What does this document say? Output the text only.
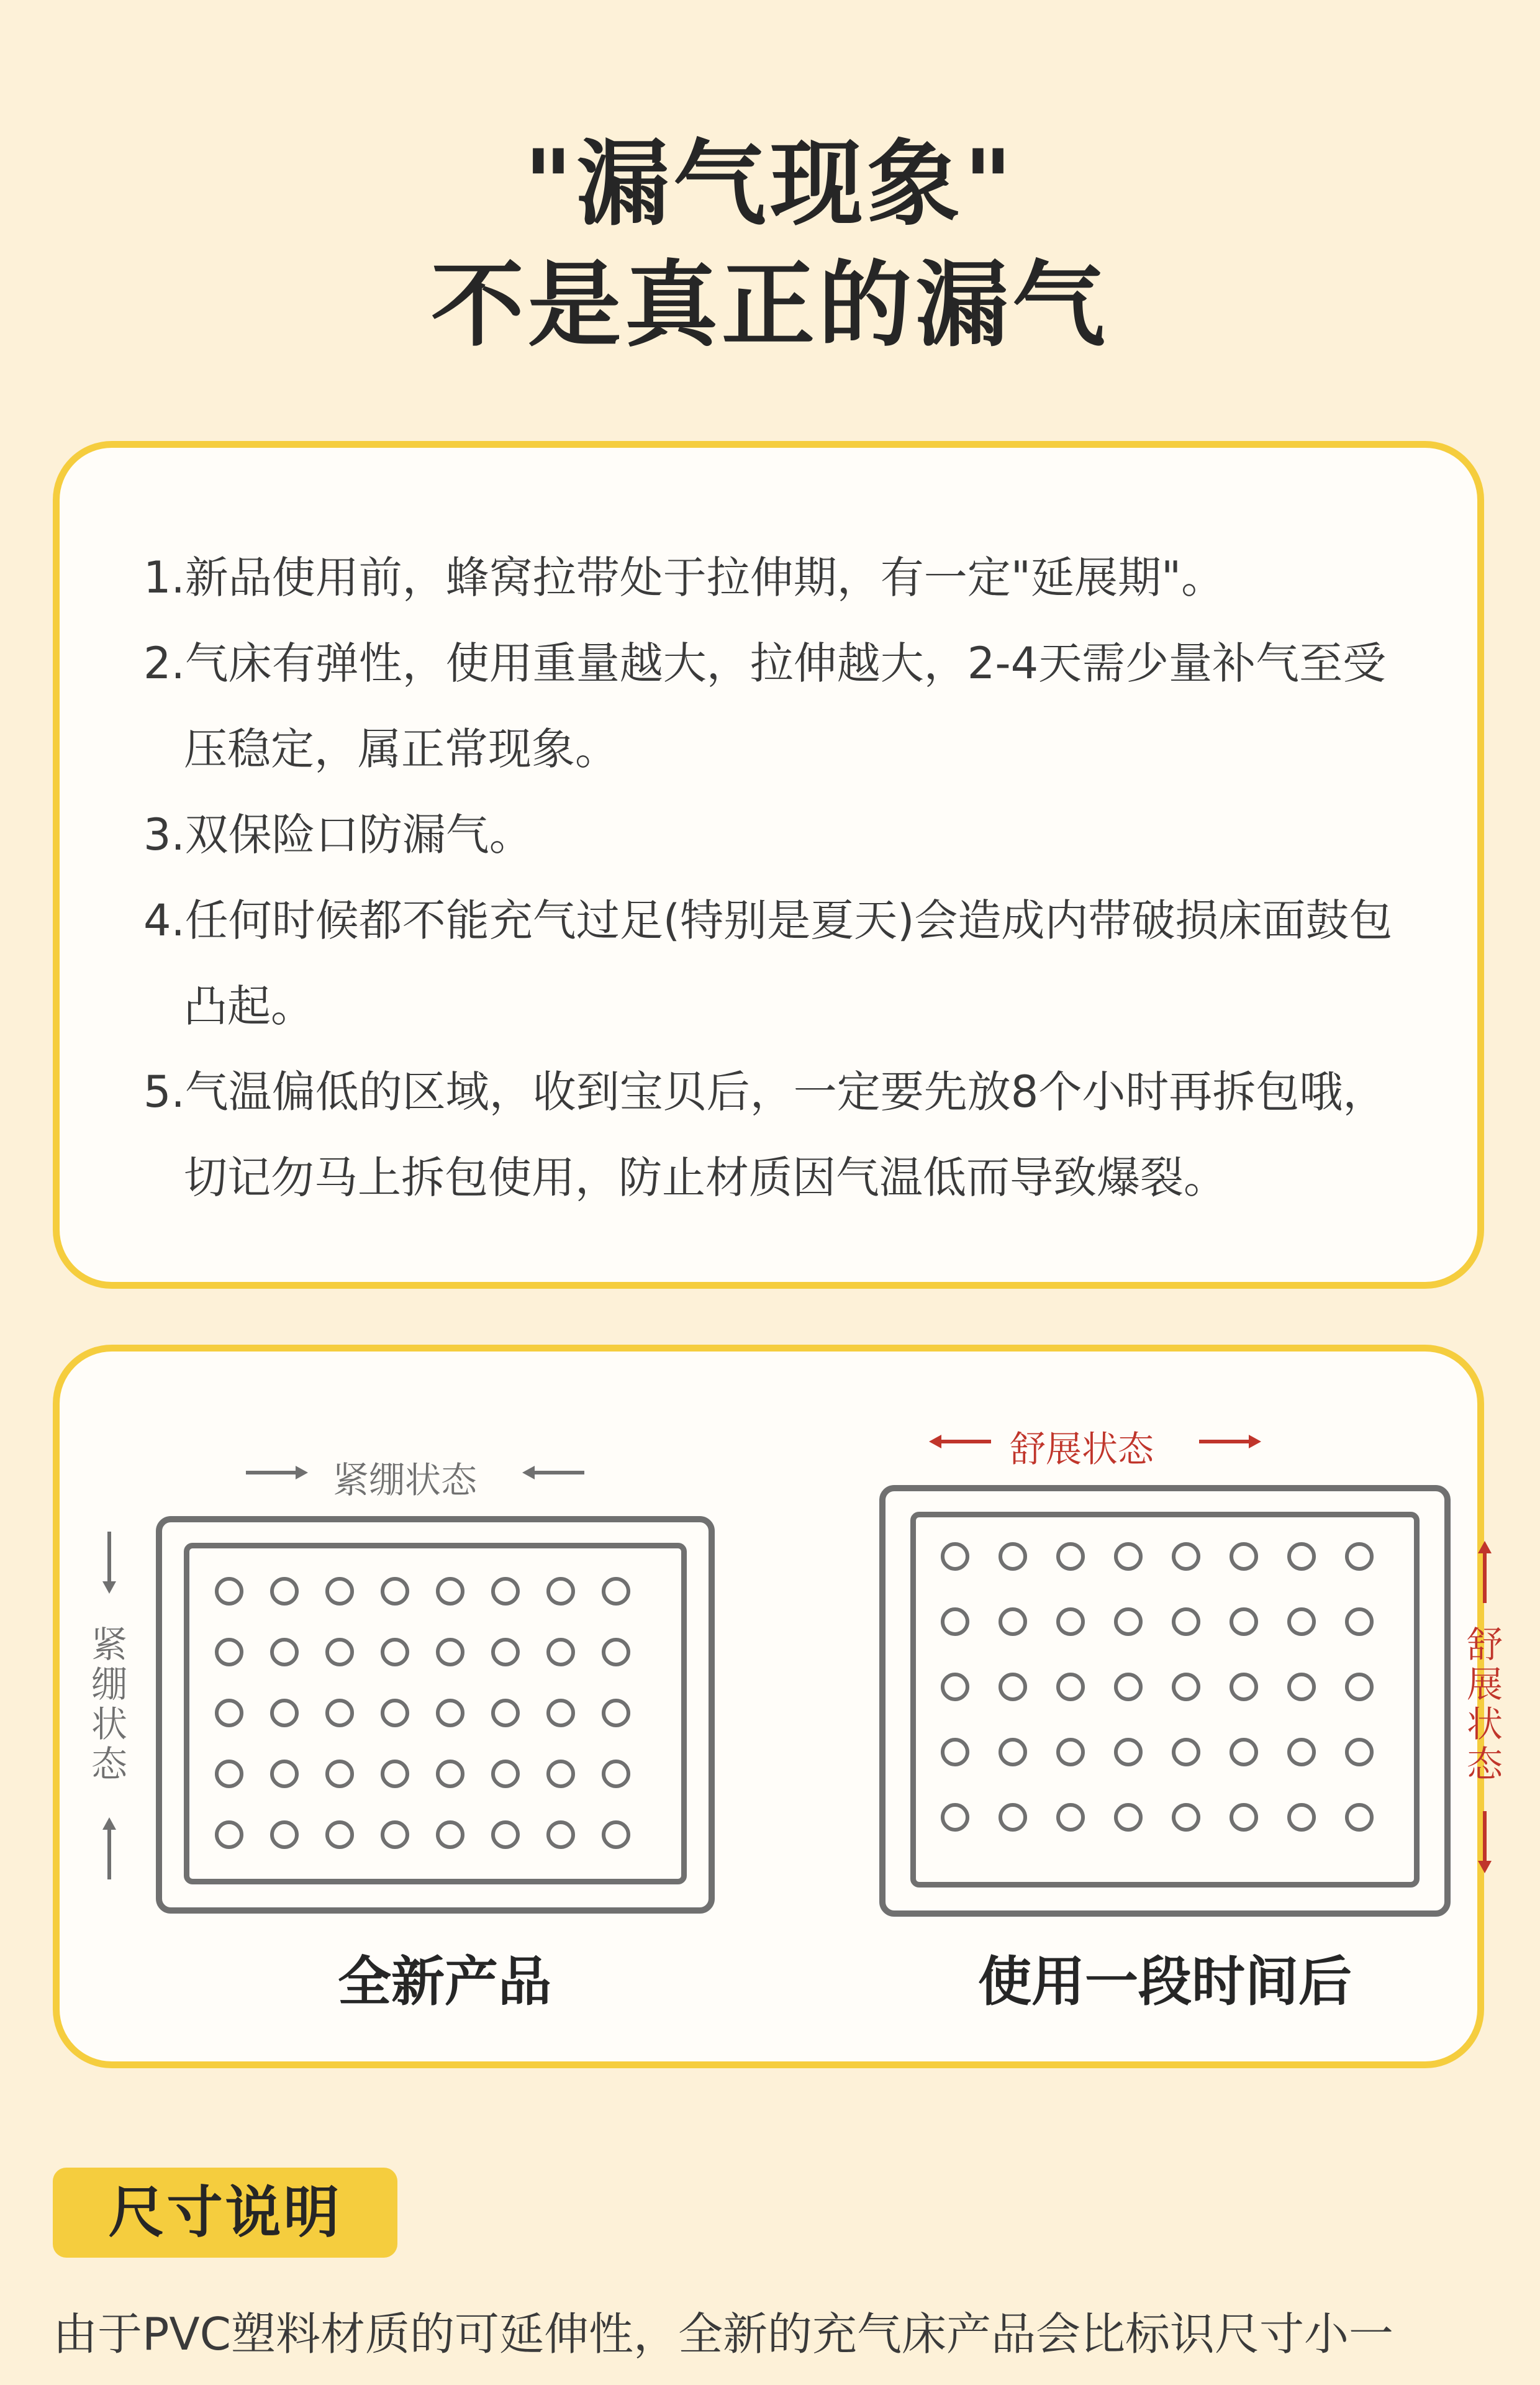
"漏气现象"
不是真正的漏气
1.新品使用前，蜂窝拉带处于拉伸期，有一定"延展期"。
2.气床有弹性，使用重量越大，拉伸越大，2-4天需少量补气至受压稳定，属正常现象。
3.双保险口防漏气。
4.任何时候都不能充气过足(特别是夏天)会造成内带破损床面鼓包凸起。
5.气温偏低的区域，收到宝贝后，一定要先放8个小时再拆包哦，切记勿马上拆包使用，防止材质因气温低而导致爆裂。
紧绷状态
紧绷状态
全新产品
舒展状态
舒展状态
使用一段时间后
尺寸说明
由于PVC塑料材质的可延伸性，全新的充气床产品会比标识尺寸小一
